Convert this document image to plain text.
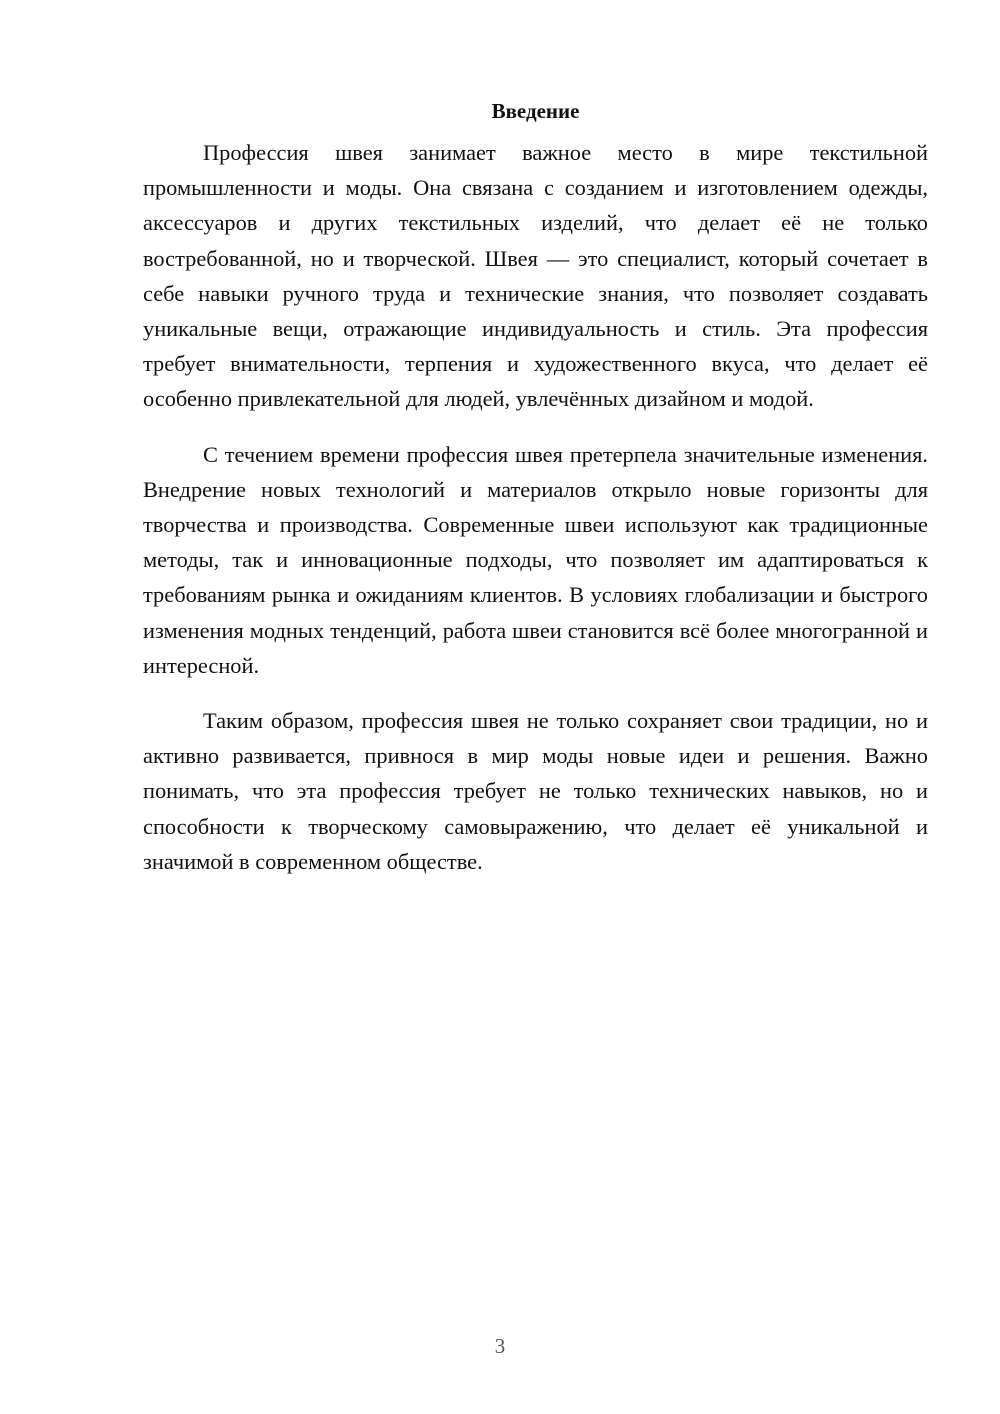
Введение

Профессия швея занимает важное место в мире текстильной промышленности и моды. Она связана с созданием и изготовлением одежды, аксессуаров и других текстильных изделий, что делает её не только востребованной, но и творческой. Швея — это специалист, который сочетает в себе навыки ручного труда и технические знания, что позволяет создавать уникальные вещи, отражающие индивидуальность и стиль. Эта профессия требует внимательности, терпения и художественного вкуса, что делает её особенно привлекательной для людей, увлечённых дизайном и модой.

С течением времени профессия швея претерпела значительные изменения. Внедрение новых технологий и материалов открыло новые горизонты для творчества и производства. Современные швеи используют как традиционные методы, так и инновационные подходы, что позволяет им адаптироваться к требованиям рынка и ожиданиям клиентов. В условиях глобализации и быстрого изменения модных тенденций, работа швеи становится всё более многогранной и интересной.

Таким образом, профессия швея не только сохраняет свои традиции, но и активно развивается, привнося в мир моды новые идеи и решения. Важно понимать, что эта профессия требует не только технических навыков, но и способности к творческому самовыражению, что делает её уникальной и значимой в современном обществе.

3
